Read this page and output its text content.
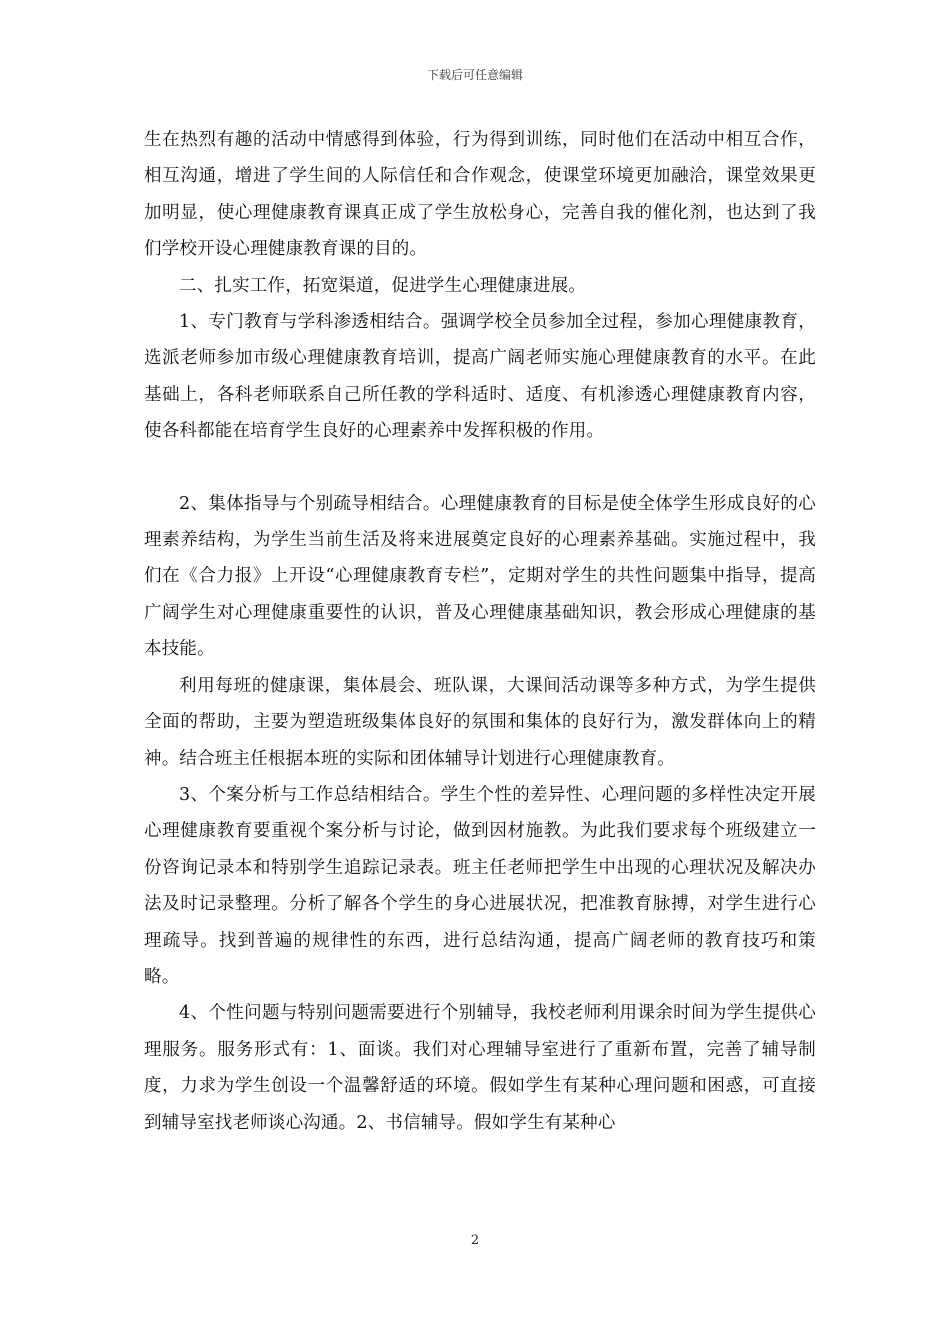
下载后可任意编辑

生在热烈有趣的活动中情感得到体验，行为得到训练，同时他们在活动中相互合作，相互沟通，增进了学生间的人际信任和合作观念，使课堂环境更加融洽，课堂效果更加明显，使心理健康教育课真正成了学生放松身心，完善自我的催化剂，也达到了我们学校开设心理健康教育课的目的。

二、扎实工作，拓宽渠道，促进学生心理健康进展。

1、专门教育与学科渗透相结合。强调学校全员参加全过程，参加心理健康教育，选派老师参加市级心理健康教育培训，提高广阔老师实施心理健康教育的水平。在此基础上，各科老师联系自己所任教的学科适时、适度、有机渗透心理健康教育内容，使各科都能在培育学生良好的心理素养中发挥积极的作用。

2、集体指导与个别疏导相结合。心理健康教育的目标是使全体学生形成良好的心理素养结构，为学生当前生活及将来进展奠定良好的心理素养基础。实施过程中，我们在《合力报》上开设“心理健康教育专栏”，定期对学生的共性问题集中指导，提高广阔学生对心理健康重要性的认识，普及心理健康基础知识，教会形成心理健康的基本技能。

利用每班的健康课，集体晨会、班队课，大课间活动课等多种方式，为学生提供全面的帮助，主要为塑造班级集体良好的氛围和集体的良好行为，激发群体向上的精神。结合班主任根据本班的实际和团体辅导计划进行心理健康教育。

3、个案分析与工作总结相结合。学生个性的差异性、心理问题的多样性决定开展心理健康教育要重视个案分析与讨论，做到因材施教。为此我们要求每个班级建立一份咨询记录本和特别学生追踪记录表。班主任老师把学生中出现的心理状况及解决办法及时记录整理。分析了解各个学生的身心进展状况，把准教育脉搏，对学生进行心理疏导。找到普遍的规律性的东西，进行总结沟通，提高广阔老师的教育技巧和策略。

4、个性问题与特别问题需要进行个别辅导，我校老师利用课余时间为学生提供心理服务。服务形式有：1、面谈。我们对心理辅导室进行了重新布置，完善了辅导制度，力求为学生创设一个温馨舒适的环境。假如学生有某种心理问题和困惑，可直接到辅导室找老师谈心沟通。2、书信辅导。假如学生有某种心

2
